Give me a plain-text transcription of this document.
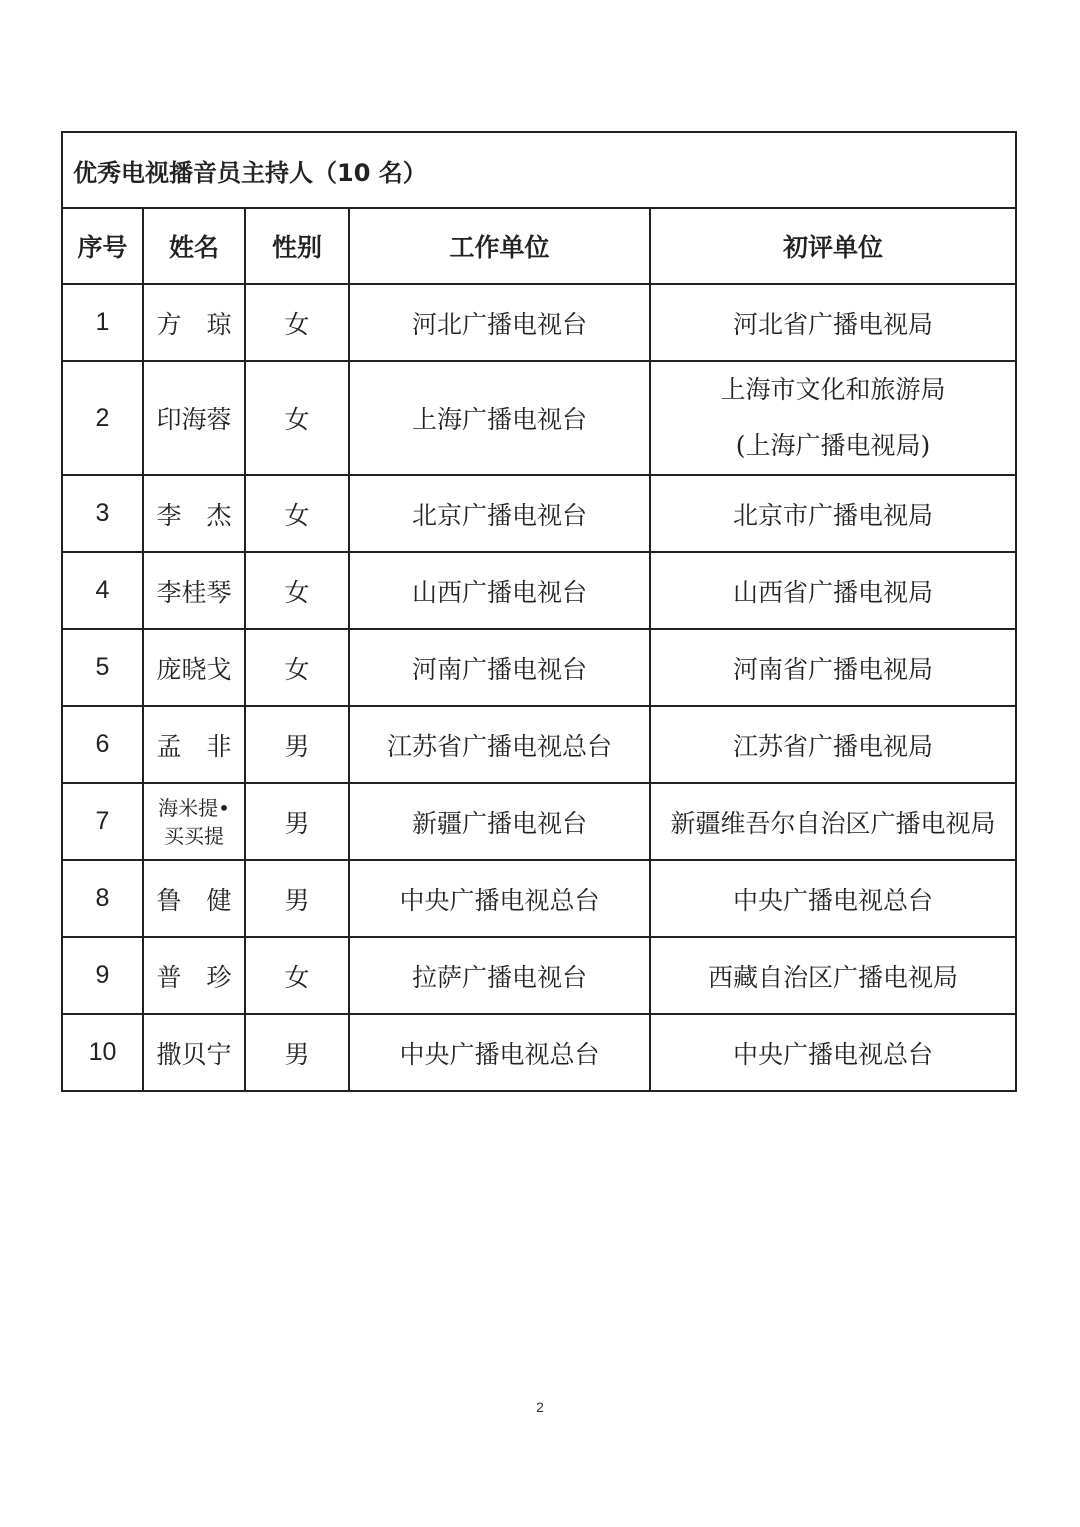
优秀电视播音员主持人（10 名）				
序号	姓名	性别	工作单位	初评单位
1	方　琼	女	河北广播电视台	河北省广播电视局
2	印海蓉	女	上海广播电视台	上海市文化和旅游局
(上海广播电视局)

3	李　杰	女	北京广播电视台	北京市广播电视局
4	李桂琴	女	山西广播电视台	山西省广播电视局
5	庞晓戈	女	河南广播电视台	河南省广播电视局
6	孟　非	男	江苏省广播电视总台	江苏省广播电视局
7	海米提•
买买提	男	新疆广播电视台	新疆维吾尔自治区广播电视局
8	鲁　健	男	中央广播电视总台	中央广播电视总台
9	普　珍	女	拉萨广播电视台	西藏自治区广播电视局
10	撒贝宁	男	中央广播电视总台	中央广播电视总台
2
